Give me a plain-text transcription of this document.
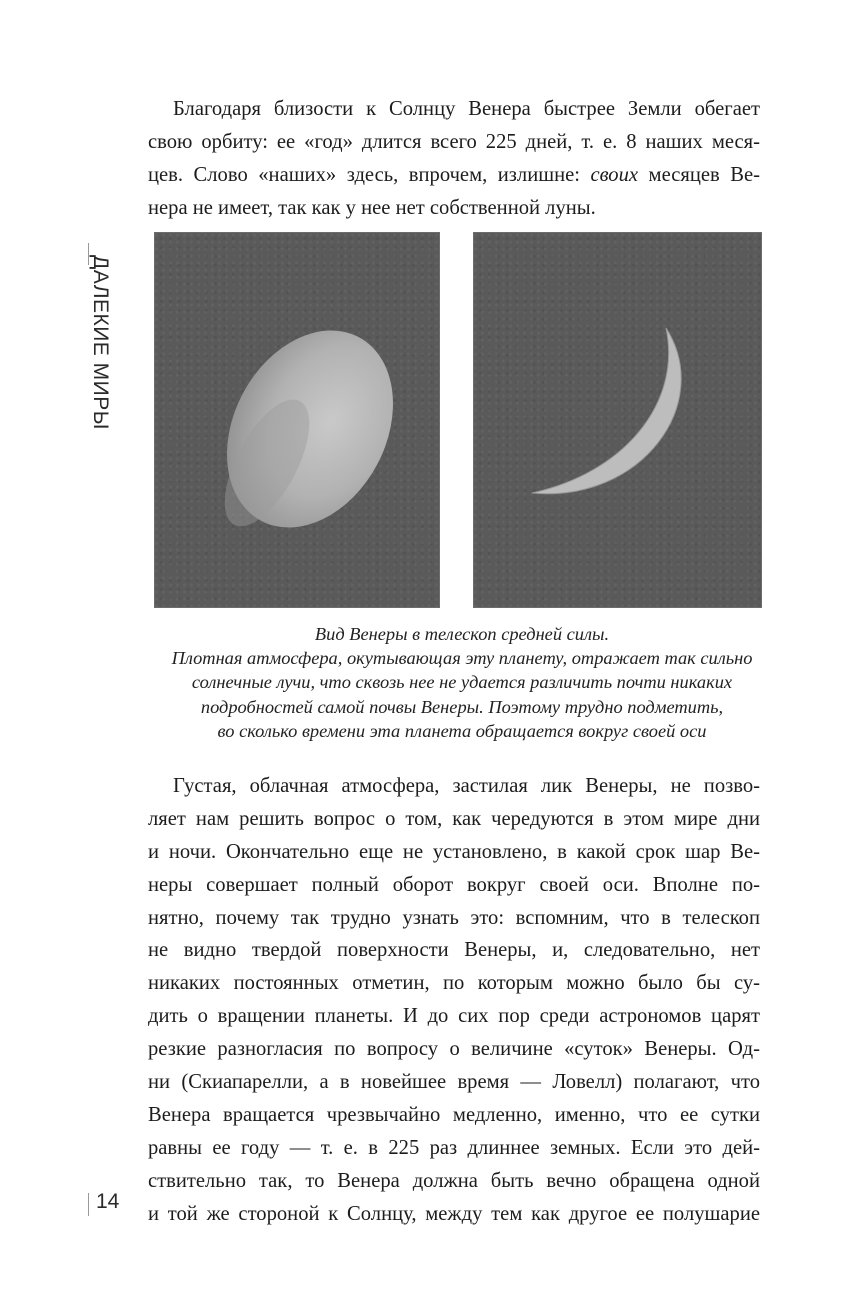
ДАЛЕКИЕ МИРЫ
Благодаря близости к Солнцу Венера быстрее Земли обегает
свою орбиту: ее «год» длится всего 225 дней, т. е. 8 наших меся-
цев. Слово «наших» здесь, впрочем, излишне: своих месяцев Ве-
нера не имеет, так как у нее нет собственной луны.
Вид Венеры в телескоп средней силы.
Плотная атмосфера, окутывающая эту планету, отражает так сильно
солнечные лучи, что сквозь нее не удается различить почти никаких
подробностей самой почвы Венеры. Поэтому трудно подметить,
во сколько времени эта планета обращается вокруг своей оси
Густая, облачная атмосфера, застилая лик Венеры, не позво-
ляет нам решить вопрос о том, как чередуются в этом мире дни
и ночи. Окончательно еще не установлено, в какой срок шар Ве-
неры совершает полный оборот вокруг своей оси. Вполне по-
нятно, почему так трудно узнать это: вспомним, что в телескоп
не видно твердой поверхности Венеры, и, следовательно, нет
никаких постоянных отметин, по которым можно было бы су-
дить о вращении планеты. И до сих пор среди астрономов царят
резкие разногласия по вопросу о величине «суток» Венеры. Од-
ни (Скиапарелли, а в новейшее время — Ловелл) полагают, что
Венера вращается чрезвычайно медленно, именно, что ее сутки
равны ее году — т. е. в 225 раз длиннее земных. Если это дей-
ствительно так, то Венера должна быть вечно обращена одной
и той же стороной к Солнцу, между тем как другое ее полушарие
14
